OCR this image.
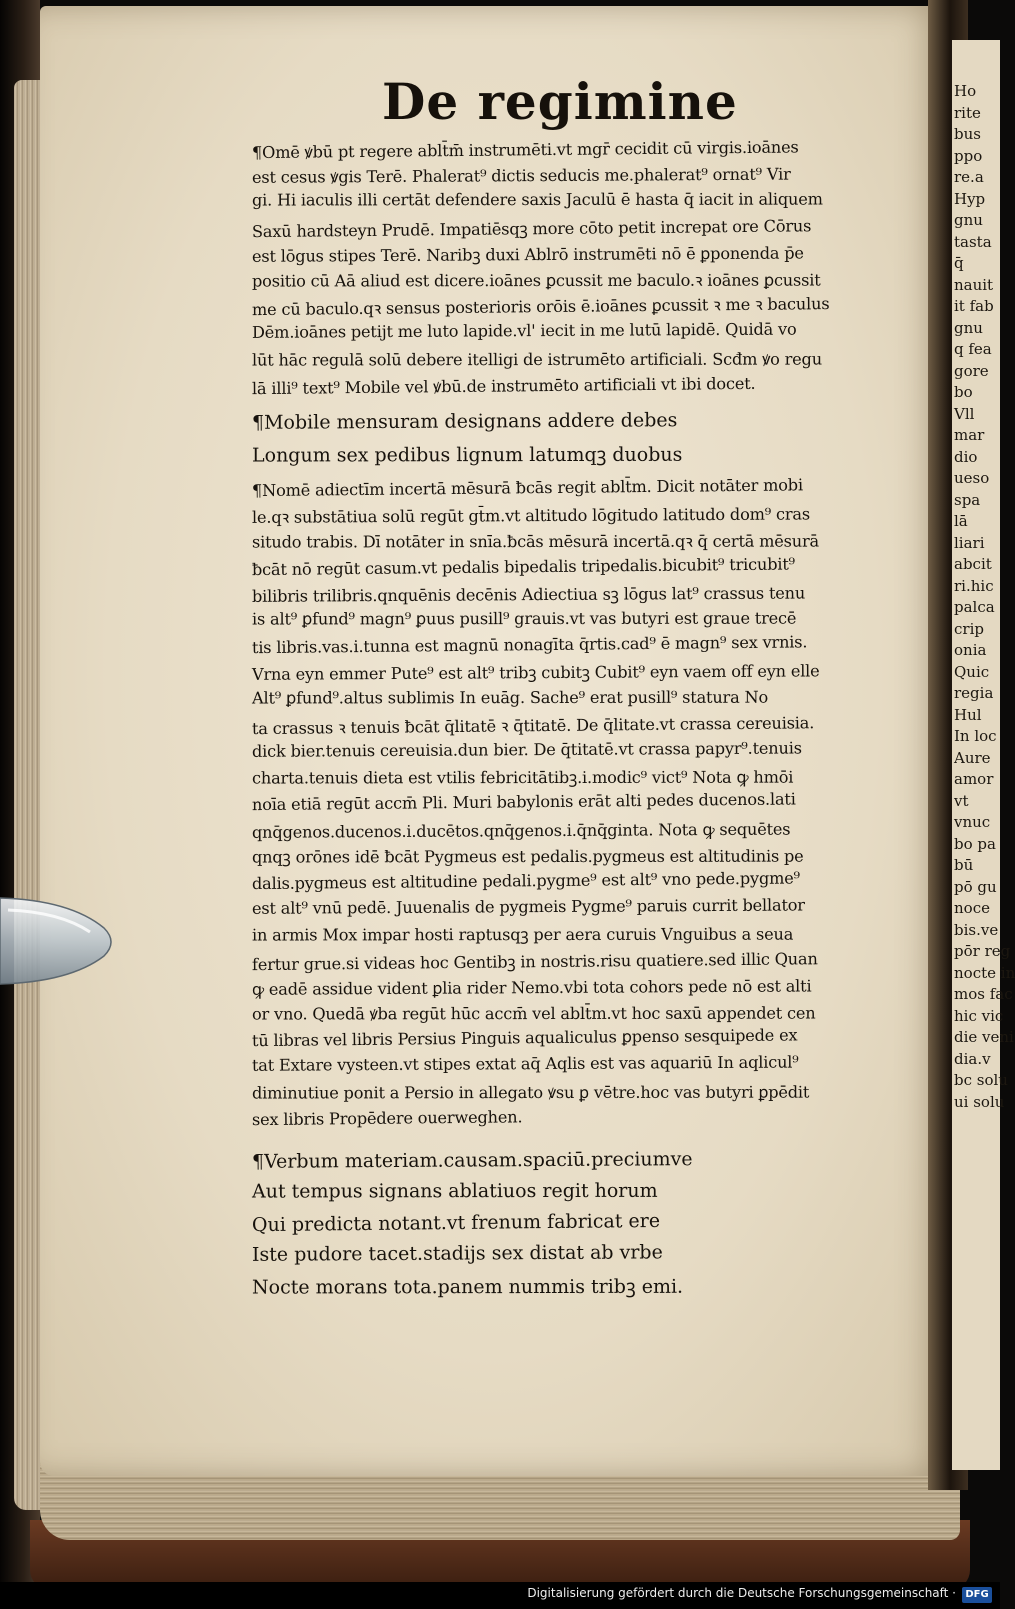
Ho
rite
bus
ppo
re.a
Hyp
gnu
tasta
q̄
nauit
it fab
gnu
q fea
gore
bo
Vll
mar
dio
ueso
spa
lā
liari
abcit
ri.hic
palca
crip
onia
Quic
regia
Hul
In loc
Aure
amor
vt
vnuc
bo pa
bū
pō gu
noce
bis.ve
pōr reg
nocte in
mos fac
hic vic
die veni
dia.v
bc solu
ui solu
De regimine
¶Omē ꝟbū pt regere ablt̄m̄ instrumēti.vt mgr̄ cecidit cū virgis.ioānes
est cesus ꝟgis Terē. Phalerat⁹ dictis seducis me.phalerat⁹ ornat⁹ Vir
gi. Hi iaculis illi certāt defendere saxis Jaculū ē hasta q̄ iacit in aliquem
Saxū hardsteyn Prudē. Impatiēsqꝫ more cōto petit increpat ore Cōrus
est lōgus stipes Terē. Naribꝫ duxi Ablrō instrumēti nō ē ꝑponenda p̄e
positio cū Aā aliud est dicere.ioānes ꝑcussit me baculo.ꝛ ioānes ꝑcussit
me cū baculo.qꝛ sensus posterioris orōis ē.ioānes ꝑcussit ꝛ me ꝛ baculus
Dēm.ioānes petijt me luto lapide.vl' iecit in me lutū lapidē. Quidā vo
lūt hāc regulā solū debere itelligi de istrumēto artificiali. Scđm ꝟo regu
lā illi⁹ text⁹ Mobile vel ꝟbū.de instrumēto artificiali vt ibi docet.
¶Mobile mensuram designans addere debes
Longum sex pedibus lignum latumqꝫ duobus
¶Nomē adiectīm incertā mēsurā ƀcās regit ablt̄m. Dicit notāter mobi
le.qꝛ substātiua solū regūt gt̄m.vt altitudo lōgitudo latitudo dom⁹ cras
situdo trabis. Dī notāter in snīa.ƀcās mēsurā incertā.qꝛ q̄ certā mēsurā
ƀcāt nō regūt casum.vt pedalis bipedalis tripedalis.bicubit⁹ tricubit⁹
bilibris trilibris.qnquēnis decēnis Adiectiua sꝫ lōgus lat⁹ crassus tenu
is alt⁹ ꝑfund⁹ magn⁹ ꝑuus pusill⁹ grauis.vt vas butyri est graue trecē
tis libris.vas.i.tunna est magnū nonagīta q̄rtis.cad⁹ ē magn⁹ sex vrnis.
Vrna eyn emmer Pute⁹ est alt⁹ tribꝫ cubitꝫ Cubit⁹ eyn vaem off eyn elle
Alt⁹ ꝑfund⁹.altus sublimis In euāg. Sache⁹ erat pusill⁹ statura No
ta crassus ꝛ tenuis ƀcāt q̄litatē ꝛ q̄titatē. De q̄litate.vt crassa cereuisia.
dick bier.tenuis cereuisia.dun bier. De q̄titatē.vt crassa papyr⁹.tenuis
charta.tenuis dieta est vtilis febricitātibꝫ.i.modic⁹ vict⁹ Nota ꝙ hmōi
noīa etiā regūt accm̄ Pli. Muri babylonis erāt alti pedes ducenos.lati
qnq̄genos.ducenos.i.ducētos.qnq̄genos.i.q̄nq̄ginta. Nota ꝙ sequētes
qnqꝫ orōnes idē ƀcāt Pygmeus est pedalis.pygmeus est altitudinis pe
dalis.pygmeus est altitudine pedali.pygme⁹ est alt⁹ vno pede.pygme⁹
est alt⁹ vnū pedē. Juuenalis de pygmeis Pygme⁹ paruis currit bellator
in armis Mox impar hosti raptusqꝫ per aera curuis Vnguibus a seua
fertur grue.si videas hoc Gentibꝫ in nostris.risu quatiere.sed illic Quan
ꝙ eadē assidue vident ꝑlia rider Nemo.vbi tota cohors pede nō est alti
or vno. Quedā ꝟba regūt hūc accm̄ vel ablt̄m.vt hoc saxū appendet cen
tū libras vel libris Persius Pinguis aqualiculus ꝑpenso sesquipede ex
tat Extare vysteen.vt stipes extat aq̄ Aqlis est vas aquariū In aqlicul⁹
diminutiue ponit a Persio in allegato ꝟsu ꝑ vētre.hoc vas butyri ꝑpēdit
sex libris Propēdere ouerweghen.
¶Verbum materiam.causam.spaciū.preciumve
Aut tempus signans ablatiuos regit horum
Qui predicta notant.vt frenum fabricat ere
Iste pudore tacet.stadijs sex distat ab vrbe
Nocte morans tota.panem nummis tribꝫ emi.
Digitalisierung gefördert durch die Deutsche Forschungsgemeinschaft · DFG
